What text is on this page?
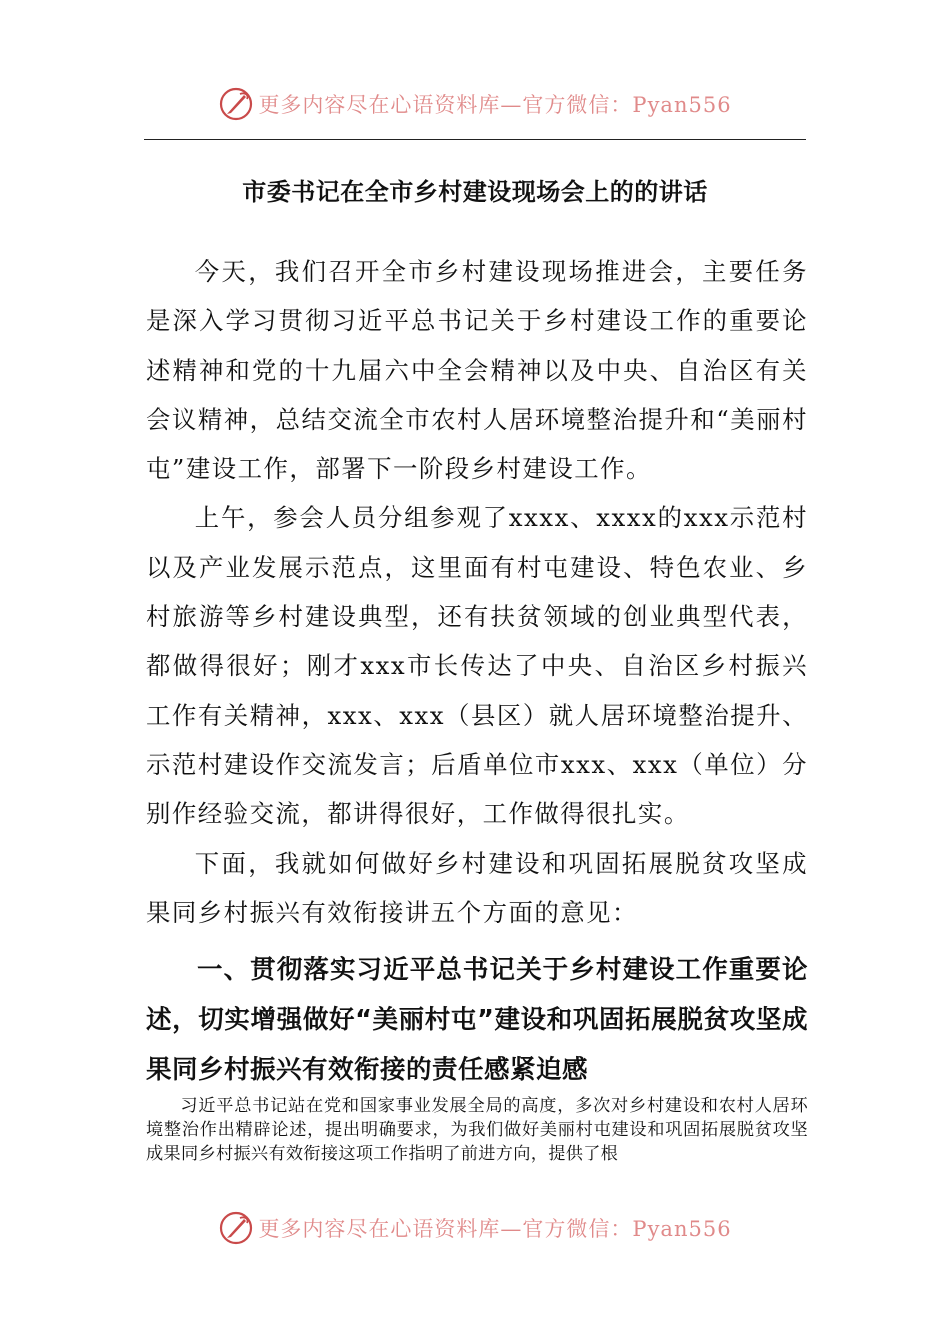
更多内容尽在心语资料库—官方微信：Pyan556
市委书记在全市乡村建设现场会上的的讲话

今天，我们召开全市乡村建设现场推进会，主要任务是深入学习贯彻习近平总书记关于乡村建设工作的重要论述精神和党的十九届六中全会精神以及中央、自治区有关会议精神，总结交流全市农村人居环境整治提升和“美丽村屯”建设工作，部署下一阶段乡村建设工作。

上午，参会人员分组参观了xxxx、xxxx的xxx示范村以及产业发展示范点，这里面有村屯建设、特色农业、乡村旅游等乡村建设典型，还有扶贫领域的创业典型代表，都做得很好；刚才xxx市长传达了中央、自治区乡村振兴工作有关精神，xxx、xxx（县区）就人居环境整治提升、示范村建设作交流发言；后盾单位市xxx、xxx（单位）分别作经验交流，都讲得很好，工作做得很扎实。

下面，我就如何做好乡村建设和巩固拓展脱贫攻坚成果同乡村振兴有效衔接讲五个方面的意见：

一、贯彻落实习近平总书记关于乡村建设工作重要论述，切实增强做好“美丽村屯”建设和巩固拓展脱贫攻坚成果同乡村振兴有效衔接的责任感紧迫感
习近平总书记站在党和国家事业发展全局的高度，多次对乡村建设和农村人居环境整治作出精辟论述，提出明确要求，为我们做好美丽村屯建设和巩固拓展脱贫攻坚成果同乡村振兴有效衔接这项工作指明了前进方向，提供了根
更多内容尽在心语资料库—官方微信：Pyan556
